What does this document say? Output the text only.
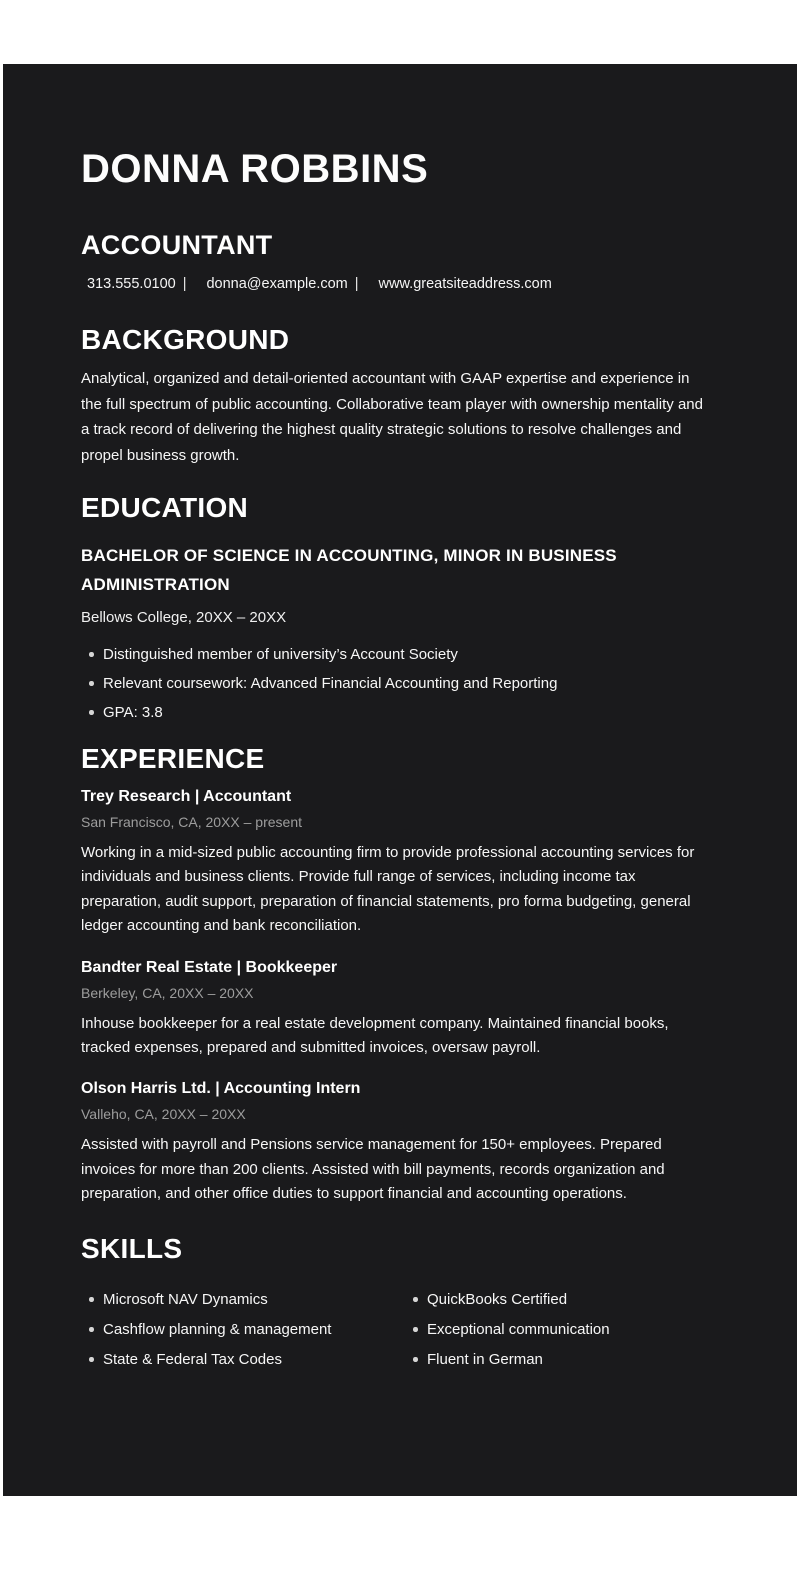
DONNA ROBBINS
ACCOUNTANT
313.555.0100 | donna@example.com | www.greatsiteaddress.com
BACKGROUND

Analytical, organized and detail-oriented accountant with GAAP expertise and experience in the full spectrum of public accounting. Collaborative team player with ownership mentality and a track record of delivering the highest quality strategic solutions to resolve challenges and propel business growth.

EDUCATION
BACHELOR OF SCIENCE IN ACCOUNTING, MINOR IN BUSINESS ADMINISTRATION

Bellows College, 20XX – 20XX

Distinguished member of university’s Account Society
Relevant coursework: Advanced Financial Accounting and Reporting
GPA: 3.8
EXPERIENCE
Trey Research | Accountant

San Francisco, CA, 20XX – present

Working in a mid-sized public accounting firm to provide professional accounting services for individuals and business clients. Provide full range of services, including income tax preparation, audit support, preparation of financial statements, pro forma budgeting, general ledger accounting and bank reconciliation.

Bandter Real Estate | Bookkeeper

Berkeley, CA, 20XX – 20XX

Inhouse bookkeeper for a real estate development company. Maintained financial books, tracked expenses, prepared and submitted invoices, oversaw payroll.

Olson Harris Ltd. | Accounting Intern

Valleho, CA, 20XX – 20XX

Assisted with payroll and Pensions service management for 150+ employees. Prepared invoices for more than 200 clients. Assisted with bill payments, records organization and preparation, and other office duties to support financial and accounting operations.

SKILLS
Microsoft NAV Dynamics
Cashflow planning & management
State & Federal Tax Codes
QuickBooks Certified
Exceptional communication
Fluent in German
